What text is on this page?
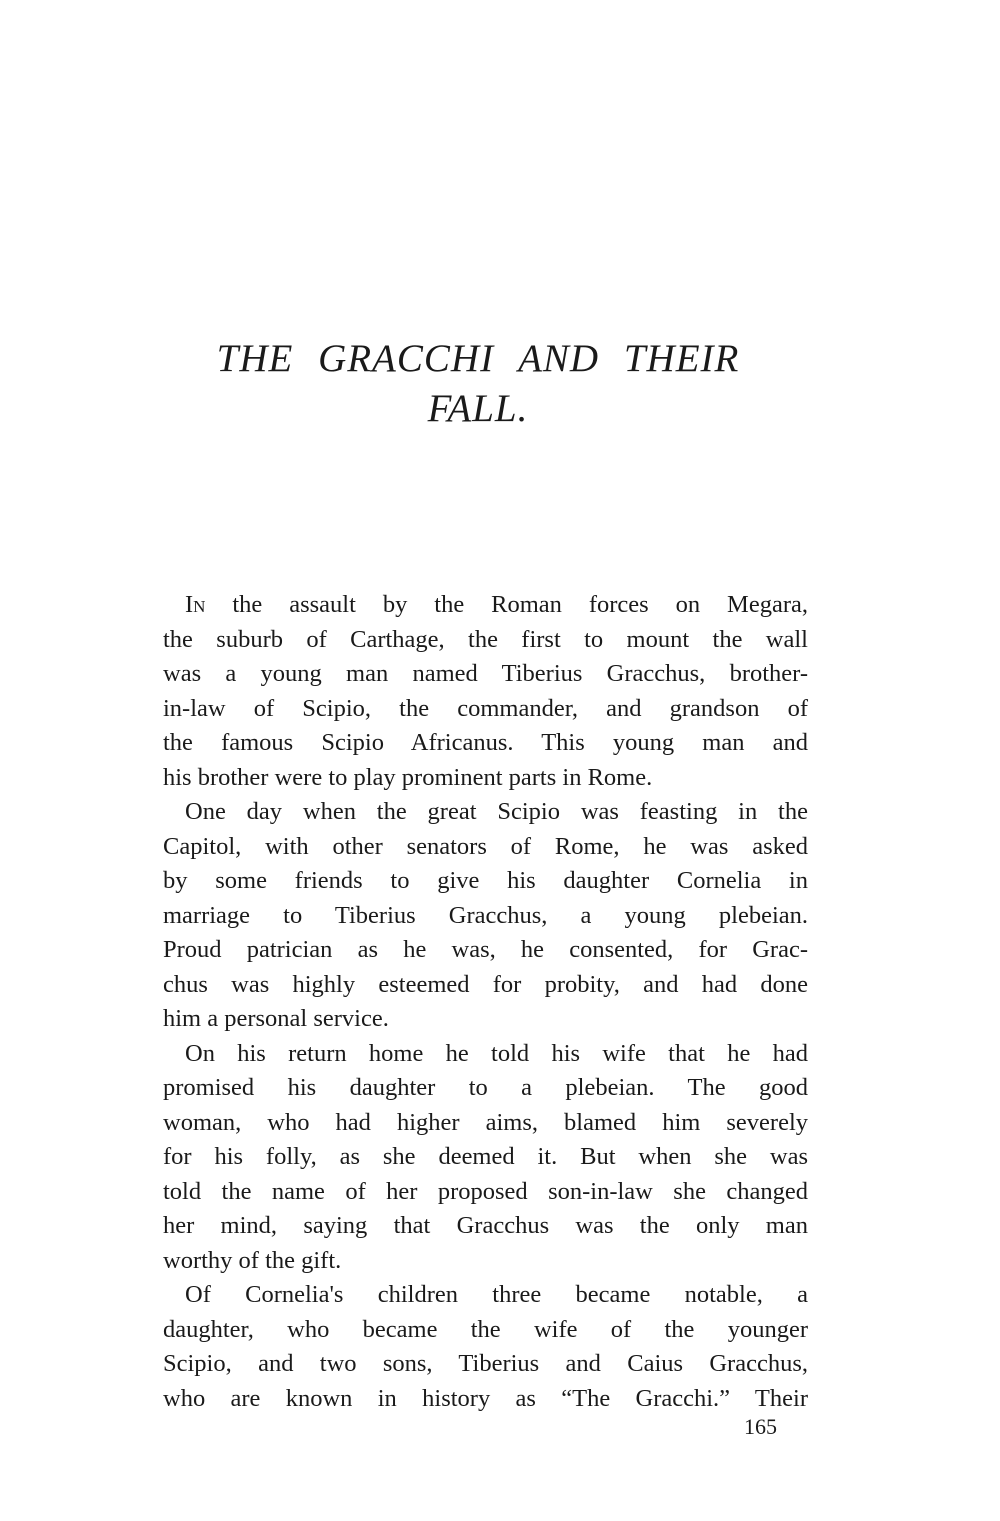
THE GRACCHI AND THEIR
FALL.
In the assault by the Roman forces on Megara,
the suburb of Carthage, the first to mount the wall
was a young man named Tiberius Gracchus, brother-
in-law of Scipio, the commander, and grandson of
the famous Scipio Africanus. This young man and
his brother were to play prominent parts in Rome.
One day when the great Scipio was feasting in the
Capitol, with other senators of Rome, he was asked
by some friends to give his daughter Cornelia in
marriage to Tiberius Gracchus, a young plebeian.
Proud patrician as he was, he consented, for Grac-
chus was highly esteemed for probity, and had done
him a personal service.
On his return home he told his wife that he had
promised his daughter to a plebeian. The good
woman, who had higher aims, blamed him severely
for his folly, as she deemed it. But when she was
told the name of her proposed son-in-law she changed
her mind, saying that Gracchus was the only man
worthy of the gift.
Of Cornelia's children three became notable, a
daughter, who became the wife of the younger
Scipio, and two sons, Tiberius and Caius Gracchus,
who are known in history as “The Gracchi.” Their
165
